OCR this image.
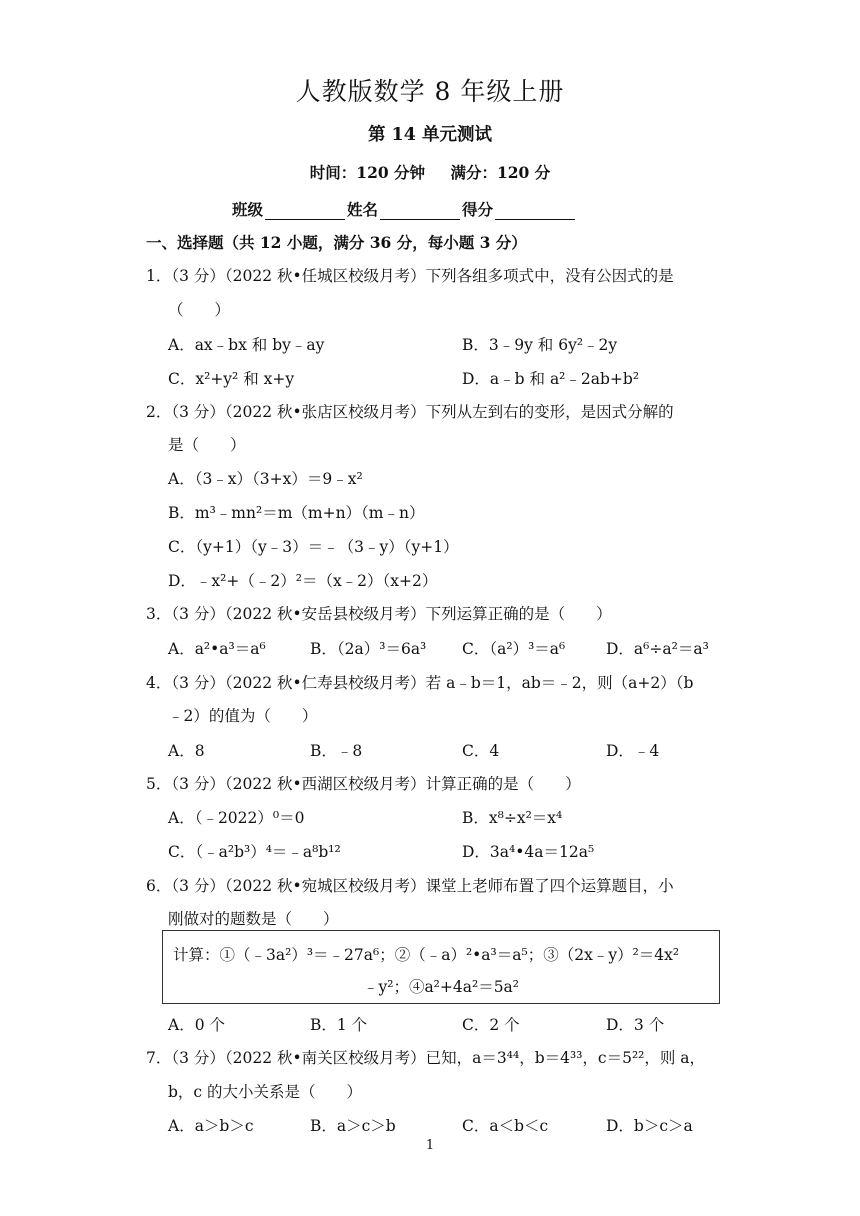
人教版数学 8 年级上册
第 14 单元测试
时间：120 分钟 满分：120 分
班级	姓名	得分
一、选择题（共 12 小题，满分 36 分，每小题 3 分）
1．（3 分）（2022 秋•任城区校级月考）下列各组多项式中，没有公因式的是
（　　）
A．ax﹣bx 和 by﹣ay	B．3﹣9y 和 6y²﹣2y
C．x²+y² 和 x+y	D．a﹣b 和 a²﹣2ab+b²
2．（3 分）（2022 秋•张店区校级月考）下列从左到右的变形，是因式分解的
是（　　）
A．（3﹣x）（3+x）＝9﹣x²
B．m³﹣mn²＝m（m+n）（m﹣n）
C．（y+1）（y﹣3）＝﹣（3﹣y）（y+1）
D．﹣x²+（﹣2）²＝（x﹣2）（x+2）
3．（3 分）（2022 秋•安岳县校级月考）下列运算正确的是（　　）
A．a²•a³＝a⁶	B．（2a）³＝6a³ C．（a²）³＝a⁶	D．a⁶÷a²＝a³
4．（3 分）（2022 秋•仁寿县校级月考）若 a﹣b＝1，ab＝﹣2，则（a+2）（b
﹣2）的值为（　　）
A．8	B．﹣8	C．4	D．﹣4
5．（3 分）（2022 秋•西湖区校级月考）计算正确的是（　　）
A．（﹣2022）⁰＝0	B．x⁸÷x²＝x⁴
C．（﹣a²b³）⁴＝﹣a⁸b¹²	D．3a⁴•4a＝12a⁵
6．（3 分）（2022 秋•宛城区校级月考）课堂上老师布置了四个运算题目，小
刚做对的题数是（　　）
计算：①（﹣3a²）³＝﹣27a⁶；②（﹣a）²•a³＝a⁵；③（2x﹣y）²＝4x²
﹣y²；④a²+4a²＝5a²
A．0 个	B．1 个	C．2 个	D．3 个
7．（3 分）（2022 秋•南关区校级月考）已知，a＝3⁴⁴，b＝4³³，c＝5²²，则 a，
b，c 的大小关系是（　　）
A．a＞b＞c	B．a＞c＞b	C．a＜b＜c	D．b＞c＞a
1
